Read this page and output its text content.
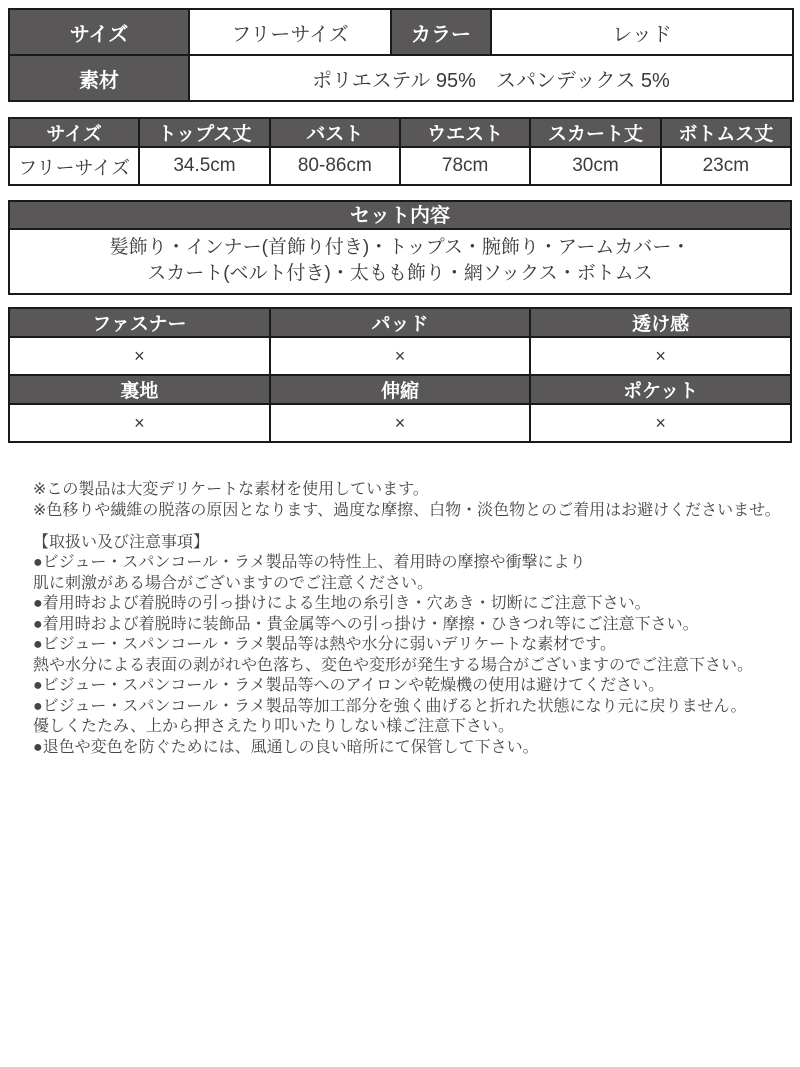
サイズ	フリーサイズ	カラー	レッド
素材	ポリエステル 95%　スパンデックス 5%		
サイズ	トップス丈	バスト	ウエスト	スカート丈	ボトムス丈
フリーサイズ	34.5cm	80-86cm	78cm	30cm	23cm
セット内容
髪飾り・インナー(首飾り付き)・トップス・腕飾り・アームカバー・
スカート(ベルト付き)・太もも飾り・網ソックス・ボトムス
ファスナー	パッド	透け感
×	×	×
裏地	伸縮	ポケット
×	×	×

※この製品は大変デリケートな素材を使用しています。
※色移りや繊維の脱落の原因となります、過度な摩擦、白物・淡色物とのご着用はお避けくださいませ。

【取扱い及び注意事項】

●ビジュー・スパンコール・ラメ製品等の特性上、着用時の摩擦や衝撃により
肌に刺激がある場合がございますのでご注意ください。
●着用時および着脱時の引っ掛けによる生地の糸引き・穴あき・切断にご注意下さい。
●着用時および着脱時に装飾品・貴金属等への引っ掛け・摩擦・ひきつれ等にご注意下さい。
●ビジュー・スパンコール・ラメ製品等は熱や水分に弱いデリケートな素材です。
熱や水分による表面の剥がれや色落ち、変色や変形が発生する場合がございますのでご注意下さい。
●ビジュー・スパンコール・ラメ製品等へのアイロンや乾燥機の使用は避けてください。
●ビジュー・スパンコール・ラメ製品等加工部分を強く曲げると折れた状態になり元に戻りません。
優しくたたみ、上から押さえたり叩いたりしない様ご注意下さい。
●退色や変色を防ぐためには、風通しの良い暗所にて保管して下さい。
